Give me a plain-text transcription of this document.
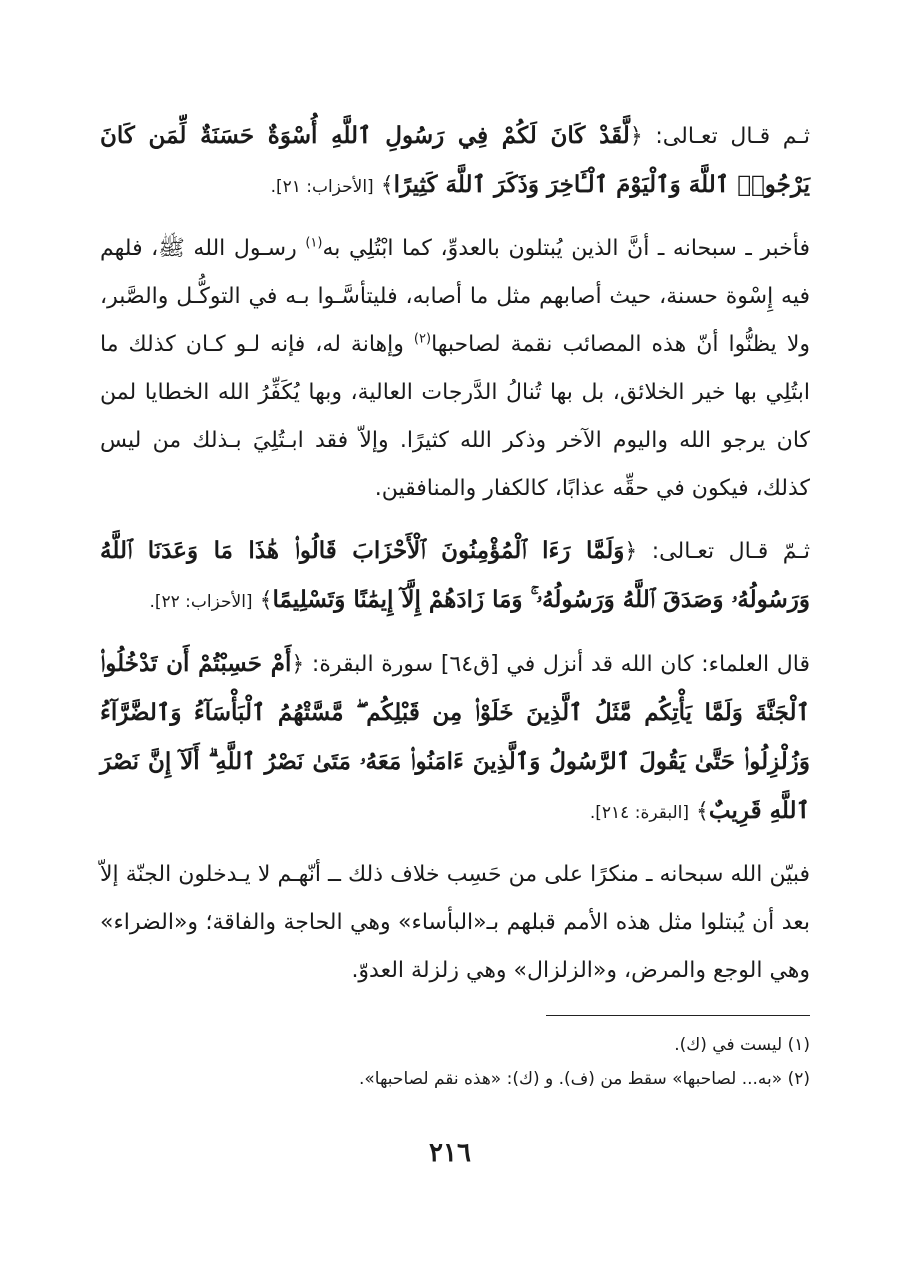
ثـم قـال تعـالى: ﴿لَّقَدْ كَانَ لَكُمْ فِي رَسُولِ ٱللَّهِ أُسْوَةٌ حَسَنَةٌ لِّمَن كَانَ يَرْجُوا۟ ٱللَّهَ وَٱلْيَوْمَ ٱلْـَٔاخِرَ وَذَكَرَ ٱللَّهَ كَثِيرًا﴾ [الأحزاب: ٢١].

فأخبر ـ سبحانه ـ أنَّ الذين يُبتلون بالعدوِّ، كما ابْتُلِي به$^{(١)}$ رسـول الله ﷺ، فلهم فيه إِسْوة حسنة، حيث أصابهم مثل ما أصابه، فليتأسَّـوا بـه في التوكُّـل والصَّبر، ولا يظنُّوا أنّ هذه المصائب نقمة لصاحبها$^{(٢)}$ وإهانة له، فإنه لـو كـان كذلك ما ابتُلِي بها خير الخلائق، بل بها تُنالُ الدَّرجات العالية، وبها يُكَفِّرُ الله الخطايا لمن كان يرجو الله واليوم الآخر وذكر الله كثيرًا. وإلاّ فقد ابـتُلِيَ بـذلك من ليس كذلك، فيكون في حقِّه عذابًا، كالكفار والمنافقين.

ثـمّ قـال تعـالى: ﴿وَلَمَّا رَءَا ٱلْمُؤْمِنُونَ ٱلْأَحْزَابَ قَالُوا۟ هَٰذَا مَا وَعَدَنَا ٱللَّهُ وَرَسُولُهُۥ وَصَدَقَ ٱللَّهُ وَرَسُولُهُۥ ۚ وَمَا زَادَهُمْ إِلَّآ إِيمَٰنًا وَتَسْلِيمًا﴾ [الأحزاب: ٢٢].

قال العلماء: كان الله قد أنزل في [ق٦٤] سورة البقرة: ﴿أَمْ حَسِبْتُمْ أَن تَدْخُلُوا۟ ٱلْجَنَّةَ وَلَمَّا يَأْتِكُم مَّثَلُ ٱلَّذِينَ خَلَوْا۟ مِن قَبْلِكُم ۖ مَّسَّتْهُمُ ٱلْبَأْسَآءُ وَٱلضَّرَّآءُ وَزُلْزِلُوا۟ حَتَّىٰ يَقُولَ ٱلرَّسُولُ وَٱلَّذِينَ ءَامَنُوا۟ مَعَهُۥ مَتَىٰ نَصْرُ ٱللَّهِ ۗ أَلَآ إِنَّ نَصْرَ ٱللَّهِ قَرِيبٌ﴾ [البقرة: ٢١٤].

فبيّن الله سبحانه ـ منكرًا على من حَسِب خلاف ذلك ــ أنّهـم لا يـدخلون الجنّة إلاّ بعد أن يُبتلوا مثل هذه الأمم قبلهم بـ«البأساء» وهي الحاجة والفاقة؛ و«الضراء» وهي الوجع والمرض، و«الزلزال» وهي زلزلة العدوّ.

(١) ليست في (ك).

(٢) «به... لصاحبها» سقط من (ف). و (ك): «هذه نقم لصاحبها».

٢١٦
